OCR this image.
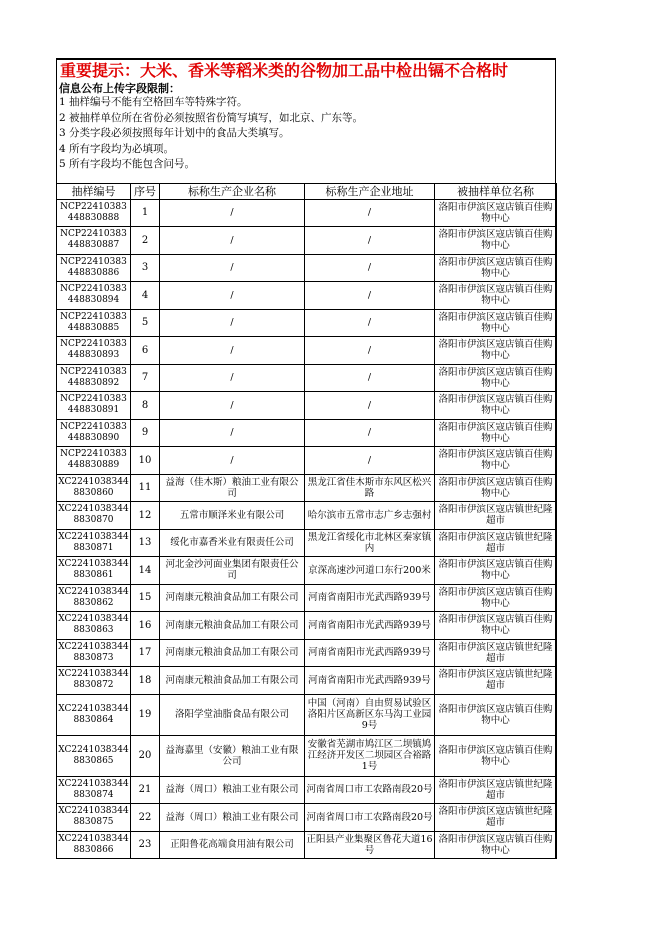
重要提示：大米、香米等稻米类的谷物加工品中检出镉不合格时
信息公布上传字段限制：
1 抽样编号不能有空格回车等特殊字符。
2 被抽样单位所在省份必须按照省份简写填写，如北京、广东等。
3 分类字段必须按照每年计划中的食品大类填写。
4 所有字段均为必填项。
5 所有字段均不能包含问号。
抽样编号	序号	标称生产企业名称	标称生产企业地址	被抽样单位名称
NCP22410383448830888	1	/	/	洛阳市伊滨区寇店镇百佳购物中心
NCP22410383448830887	2	/	/	洛阳市伊滨区寇店镇百佳购物中心
NCP22410383448830886	3	/	/	洛阳市伊滨区寇店镇百佳购物中心
NCP22410383448830894	4	/	/	洛阳市伊滨区寇店镇百佳购物中心
NCP22410383448830885	5	/	/	洛阳市伊滨区寇店镇百佳购物中心
NCP22410383448830893	6	/	/	洛阳市伊滨区寇店镇百佳购物中心
NCP22410383448830892	7	/	/	洛阳市伊滨区寇店镇百佳购物中心
NCP22410383448830891	8	/	/	洛阳市伊滨区寇店镇百佳购物中心
NCP22410383448830890	9	/	/	洛阳市伊滨区寇店镇百佳购物中心
NCP22410383448830889	10	/	/	洛阳市伊滨区寇店镇百佳购物中心
XC22410383448830860	11	益海（佳木斯）粮油工业有限公司	黑龙江省佳木斯市东风区松兴路	洛阳市伊滨区寇店镇百佳购物中心
XC22410383448830870	12	五常市顺泽米业有限公司	哈尔滨市五常市志广乡志强村	洛阳市伊滨区寇店镇世纪隆超市
XC22410383448830871	13	绥化市嘉香米业有限责任公司	黑龙江省绥化市北林区秦家镇内	洛阳市伊滨区寇店镇世纪隆超市
XC22410383448830861	14	河北金沙河面业集团有限责任公司	京深高速沙河道口东行200米	洛阳市伊滨区寇店镇百佳购物中心
XC22410383448830862	15	河南康元粮油食品加工有限公司	河南省南阳市光武西路939号	洛阳市伊滨区寇店镇百佳购物中心
XC22410383448830863	16	河南康元粮油食品加工有限公司	河南省南阳市光武西路939号	洛阳市伊滨区寇店镇百佳购物中心
XC22410383448830873	17	河南康元粮油食品加工有限公司	河南省南阳市光武西路939号	洛阳市伊滨区寇店镇世纪隆超市
XC22410383448830872	18	河南康元粮油食品加工有限公司	河南省南阳市光武西路939号	洛阳市伊滨区寇店镇世纪隆超市
XC22410383448830864	19	洛阳学堂油脂食品有限公司	中国（河南）自由贸易试验区洛阳片区高新区东马沟工业园9号	洛阳市伊滨区寇店镇百佳购物中心
XC22410383448830865	20	益海嘉里（安徽）粮油工业有限公司	安徽省芜湖市鸠江区二坝镇鸠江经济开发区二坝园区合裕路1号	洛阳市伊滨区寇店镇百佳购物中心
XC22410383448830874	21	益海（周口）粮油工业有限公司	河南省周口市工农路南段20号	洛阳市伊滨区寇店镇世纪隆超市
XC22410383448830875	22	益海（周口）粮油工业有限公司	河南省周口市工农路南段20号	洛阳市伊滨区寇店镇世纪隆超市
XC22410383448830866	23	正阳鲁花高端食用油有限公司	正阳县产业集聚区鲁花大道16号	洛阳市伊滨区寇店镇百佳购物中心
